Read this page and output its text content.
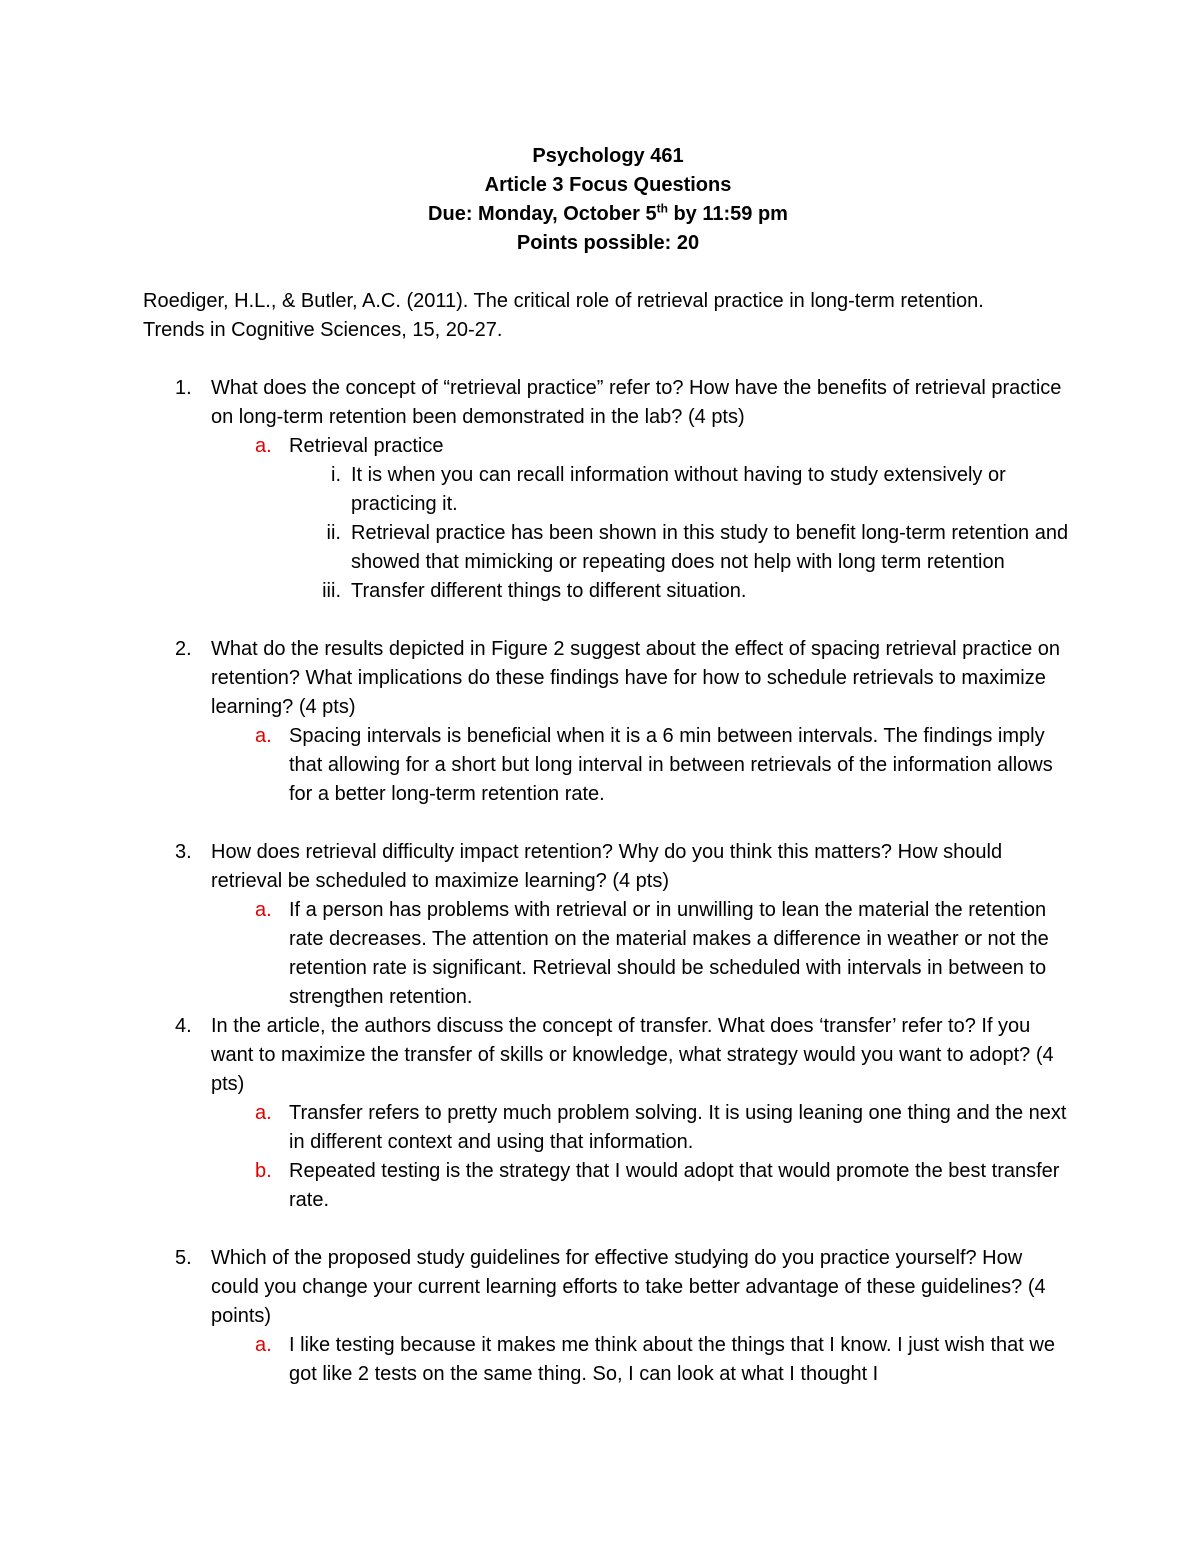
Psychology 461
Article 3 Focus Questions
Due: Monday, October 5th by 11:59 pm
Points possible: 20
Roediger, H.L., & Butler, A.C. (2011). The critical role of retrieval practice in long-term retention.
Trends in Cognitive Sciences, 15, 20-27.
1. What does the concept of “retrieval practice” refer to? How have the benefits of retrieval practice on long-term retention been demonstrated in the lab? (4 pts)
a. Retrieval practice
i. It is when you can recall information without having to study extensively or practicing it.
ii. Retrieval practice has been shown in this study to benefit long-term retention and showed that mimicking or repeating does not help with long term retention
iii. Transfer different things to different situation.
2. What do the results depicted in Figure 2 suggest about the effect of spacing retrieval practice on retention? What implications do these findings have for how to schedule retrievals to maximize learning? (4 pts)
a. Spacing intervals is beneficial when it is a 6 min between intervals. The findings imply that allowing for a short but long interval in between retrievals of the information allows for a better long-term retention rate.
3. How does retrieval difficulty impact retention? Why do you think this matters? How should retrieval be scheduled to maximize learning? (4 pts)
a. If a person has problems with retrieval or in unwilling to lean the material the retention rate decreases. The attention on the material makes a difference in weather or not the retention rate is significant. Retrieval should be scheduled with intervals in between to strengthen retention.
4. In the article, the authors discuss the concept of transfer. What does ‘transfer’ refer to? If you want to maximize the transfer of skills or knowledge, what strategy would you want to adopt? (4 pts)
a. Transfer refers to pretty much problem solving. It is using leaning one thing and the next in different context and using that information.
b. Repeated testing is the strategy that I would adopt that would promote the best transfer rate.
5. Which of the proposed study guidelines for effective studying do you practice yourself? How could you change your current learning efforts to take better advantage of these guidelines? (4 points)
a. I like testing because it makes me think about the things that I know. I just wish that we got like 2 tests on the same thing. So, I can look at what I thought I
